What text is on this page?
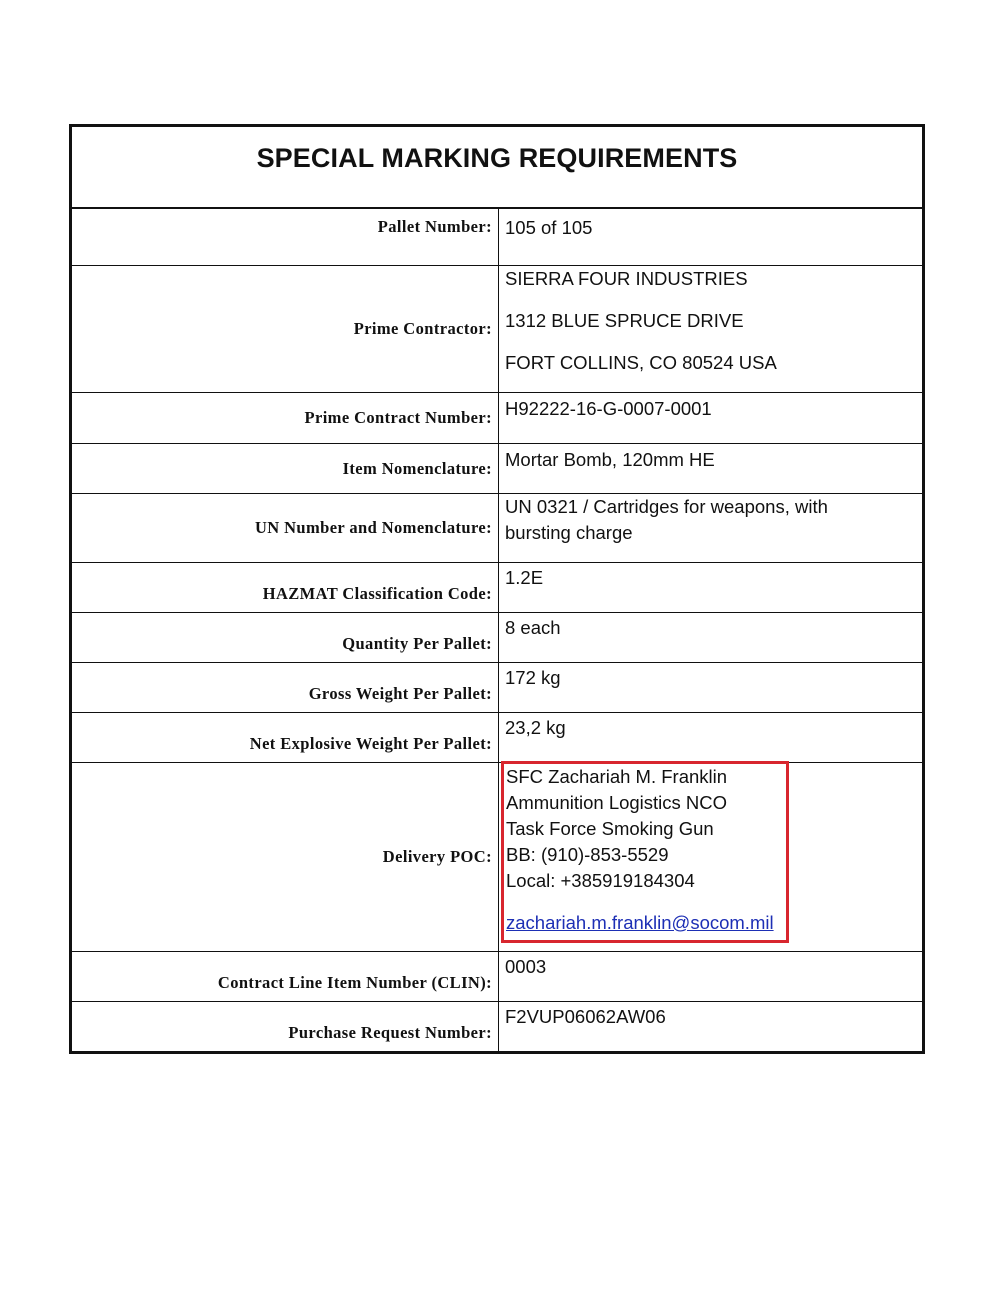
SPECIAL MARKING REQUIREMENTS
Pallet Number: 105 of 105
Prime Contractor:
SIERRA FOUR INDUSTRIES
1312 BLUE SPRUCE DRIVE
FORT COLLINS, CO 80524 USA
Prime Contract Number: H92222-16-G-0007-0001
Item Nomenclature: Mortar Bomb, 120mm HE
UN Number and Nomenclature:
UN 0321 / Cartridges for weapons, with
bursting charge
HAZMAT Classification Code:
1.2E
Quantity Per Pallet:
8 each
Gross Weight Per Pallet:
172 kg
Net Explosive Weight Per Pallet:
23,2 kg
Delivery POC:
SFC Zachariah M. Franklin
Ammunition Logistics NCO
Task Force Smoking Gun
BB: (910)-853-5529
Local: +385919184304
zachariah.m.franklin@socom.mil
Contract Line Item Number (CLIN):
0003
Purchase Request Number:
F2VUP06062AW06
